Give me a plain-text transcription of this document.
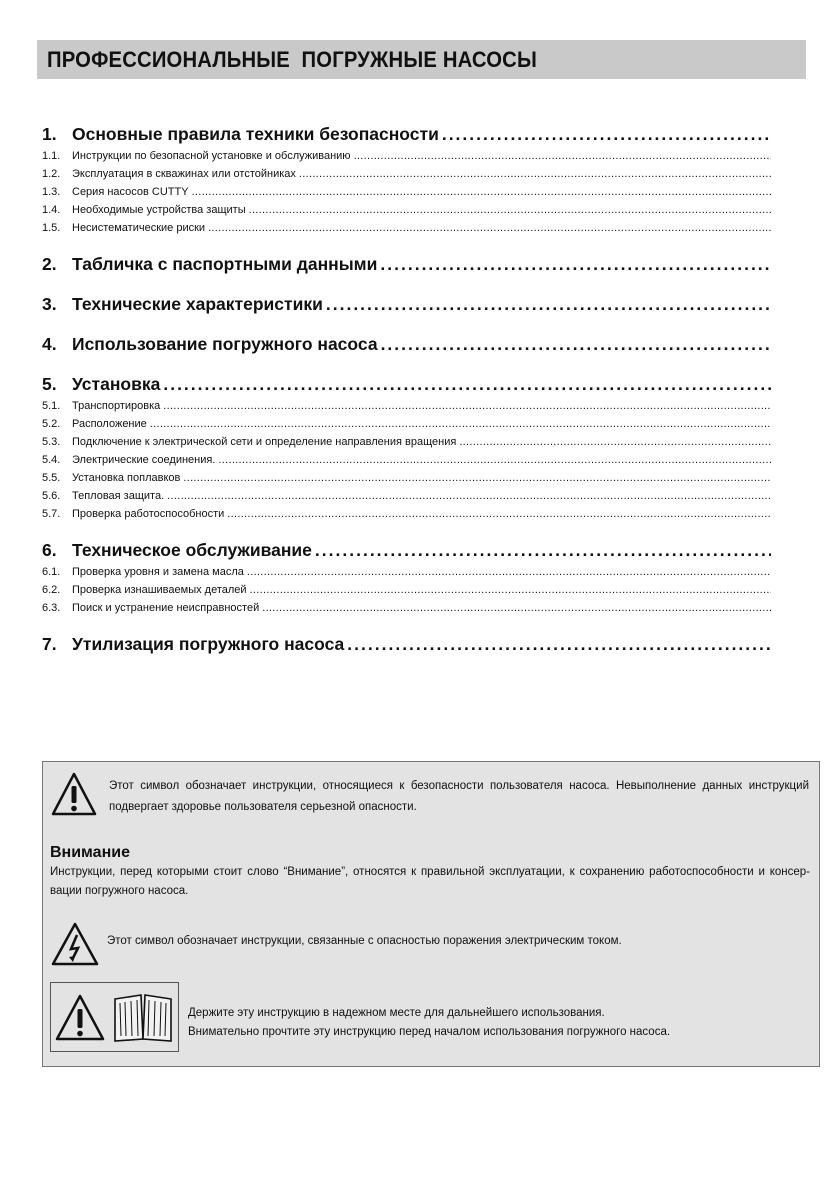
ПРОФЕССИОНАЛЬНЫЕ  ПОГРУЖНЫЕ НАСОСЫ
1. Основные правила техники безопасности
.....
1.1.	Инструкции по безопасной установке и обслуживанию
.....
1.2.	Эксплуатация в скважинах или отстойниках
.....
1.3.	Серия насосов CUTTY
.....
1.4.	Необходимые устройства защиты
.....
1.5.	Несистематические риски
.....
2. Табличка с паспортными данными
.....
3. Технические характеристики
.....
4. Использование погружного насоса
.....
5. Установка
.....
5.1.	Транспортировка
.....
5.2.	Расположение
.....
5.3.	Подключение к электрической сети и определение направления вращения
.....
5.4.	Электрические соединения.
.....
5.5.	Установка поплавков
.....
5.6.	Тепловая защита.
.....
5.7.	Проверка работоспособности
.....
6. Техническое обслуживание
.....
6.1.	Проверка уровня и замена масла
.....
6.2.	Проверка изнашиваемых деталей
.....
6.3.	Поиск и устранение неисправностей
.....
7. Утилизация погружного насоса
.....
Этот символ обозначает инструкции, относящиеся к безопасности пользователя насоса. Невыполнение данных инструкций подвергает здоровье пользователя серьезной опасности.
Внимание
Инструкции, перед которыми стоит слово “Внимание”, относятся к правильной эксплуатации, к сохранению работоспособности и консер-вации погружного насоса.
Этот символ обозначает инструкции, связанные с опасностью поражения электрическим током.
Держите эту инструкцию в надежном месте для дальнейшего использования.
Внимательно прочтите эту инструкцию перед началом использования погружного насоса.
